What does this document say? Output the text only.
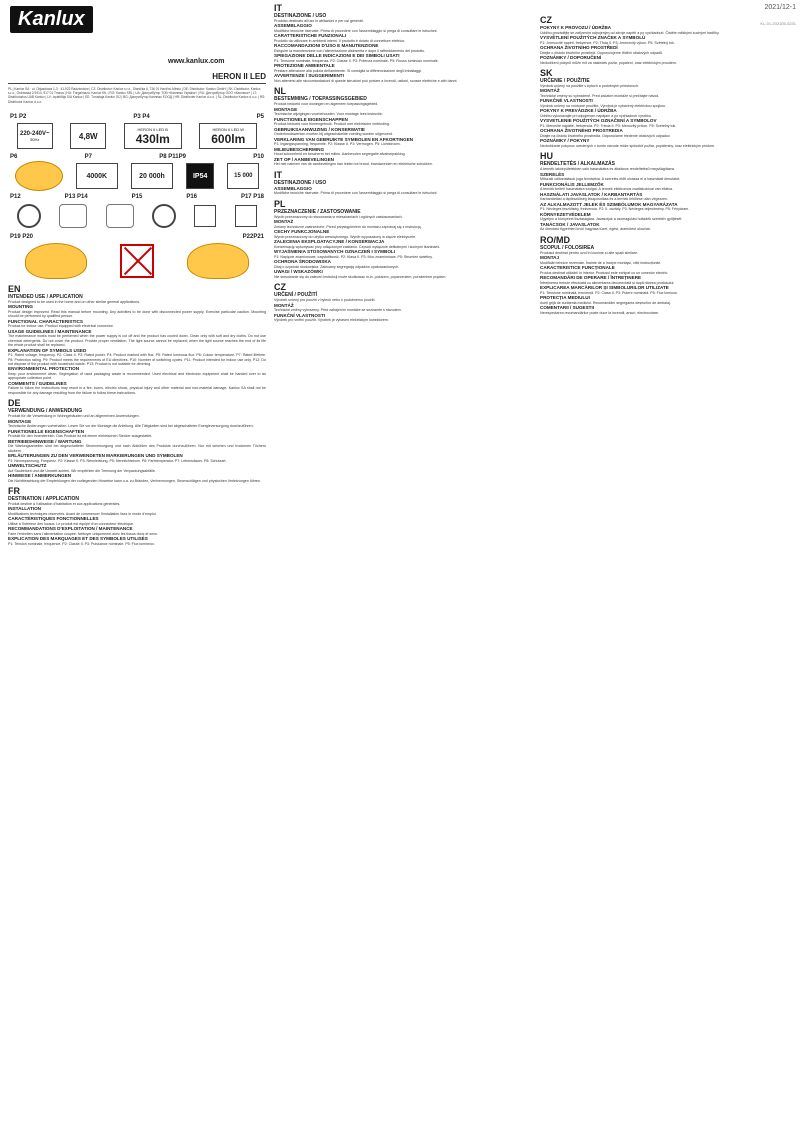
Kanlux
www.kanlux.com
HERON II LED
PL | Kanlux SA · ul. Objazdowa 1-3 · 41-922 Radzionków | CZ: Distributor: Kanlux s.r.o., Stanička 6, 736 01 Havířov-Město | DE: Distributor: Kanlux GmbH | SK: Distributor: Kanlux s.r.o., Ostravská 2/1914, 917 01 Trnava | HU: Forgalmazó: Kanlux Kft. | RO: Kanlux SRL | UA: Дистрибутор ТОВ «Канлюкс Україна» | RU: Дистрибутор ООО «Канлюкс» | LT: Distributorius UAB Kanlux | LV: Izplatītājs SIA Kanlux | EE: Turustaja Kanlux OÜ | BG: Дистрибутор Канлюкс ЕООД | HR: Distributer Kanlux d.o.o. | SL: Distributor Kanlux d.o.o. | RS: Distributor Kanlux d.o.o.
P1 P2	P3 P4	P5
220-240V~
50Hz	4,8W
HERON II LED B
430lm
HERON II LED W
600lm
P6	P7	P8 P11P9	P10
4000K	20 000h	IP54	15 000
P12	P13 P14	P15	P16	P17 P18
P19 P20	P22P21
EN
INTENDED USE / APPLICATION
Product designed to be used in the home and on other similar general applications.
MOUNTING
Product design improved. Read this manual before mounting. Any activities to be done with disconnected power supply. Exercise particular caution. Mounting should be performed by qualified person.
FUNCTIONAL CHARACTERISTICS
Product for indoor use. Product equipped with electrical connector.
USAGE GUIDELINES / MAINTENANCE
The maintenance works must be performed when the power supply is cut off and the product has cooled down. Clean only with soft and dry cloths. Do not use chemical detergents. Do not cover the product. Provide proper ventilation. The light source cannot be replaced; when the light source reaches the end of its life the whole product shall be replaced.
EXPLANATION OF SYMBOLS USED
P1: Rated voltage, frequency. P2: Class II. P3: Rated power. P4: Product marked with flux. P5: Rated luminous flux. P6: Colour temperature. P7: Rated lifetime. P8: Protection rating. P9: Product meets the requirements of EU directives. P10: Number of switching cycles. P11: Product intended for indoor use only. P12: Do not dispose of the product with household waste. P13: Product is not suitable for dimming.
ENVIRONMENTAL PROTECTION
Keep your environment clean. Segregation of used packaging waste is recommended. Used electrical and electronic equipment shall be handed over to an appropriate collection point.
COMMENTS / GUIDELINES
Failure to follow the instructions may result in a fire, burns, electric shock, physical injury and other material and non-material damage. Kanlux SA shall not be responsible for any damage resulting from the failure to follow these instructions.
DE
VERWENDUNG / ANWENDUNG
Produkt für die Verwendung in Wohngebäuden und an allgemeinen Anwendungen.
MONTAGE
Technische Änderungen vorbehalten. Lesen Sie vor der Montage die Anleitung. Alle Tätigkeiten sind bei abgeschalteter Energieversorgung durchzuführen.
FUNKTIONELLE EIGENSCHAFTEN
Produkt für den Innenbereich. Das Produkt ist mit einem elektrischen Stecker ausgestattet.
BETRIEBSHINWEISE / WARTUNG
Die Wartungsarbeiten sind bei abgeschalteter Stromversorgung und nach Abkühlen des Produkts durchzuführen. Nur mit weichen und trockenen Tüchern säubern.
ERLÄUTERUNGEN ZU DEN VERWENDETEN MARKIERUNGEN UND SYMBOLEN
P1: Nennspannung, Frequenz. P2: Klasse II. P3: Nennleistung. P5: Nennlichtstrom. P6: Farbtemperatur. P7: Lebensdauer. P8: Schutzart.
UMWELTSCHUTZ
Auf Sauberkeit und die Umwelt achten. Wir empfehlen die Trennung der Verpackungsabfälle.
HINWEISE / ANMERKUNGEN
Die Nichtbeachtung der Empfehlungen der vorliegenden Hinweise kann u.a. zu Bränden, Verbrennungen, Stromschlägen und physischen Verletzungen führen.
FR
DESTINATION / APPLICATION
Produit destiné à l'utilisation d'habitation et aux applications générales.
INSTALLATION
Modifications techniques réservées. Avant de commencer l'installation lisez le mode d'emploi.
CARACTÉRISTIQUES FONCTIONNELLES
Utilisé à l'intérieur des locaux. Le produit est équipé d'un connecteur électrique.
RECOMMANDATIONS D'EXPLOITATION / MAINTENANCE
Faire l'entretien sans l'alimentation coupée. Nettoyer uniquement avec les tissus doux et secs.
EXPLICATION DES MARQUAGES ET DES SYMBOLES UTILISÉS
P1: Tension nominale, fréquence. P2: Classe II. P3: Puissance nominale. P5: Flux lumineux.
IT
DESTINAZIONE / USO
Prodotto destinato all'uso in abitazioni e per usi generali.
ASSEMBLAGGIO
Modifiche tecniche riservate. Prima di procedere con l'assemblaggio si prega di consultare le istruzioni.
CARATTERISTICHE FUNZIONALI
Prodotto da utilizzare in ambienti interni. Il prodotto è dotato di connettore elettrico.
RACCOMANDAZIONI D'USO E MANUTENZIONE
Eseguire la manutenzione con l'alimentazione disinserita e dopo il raffreddamento del prodotto.
SPIEGAZIONE DELLE INDICAZIONI E DEI SIMBOLI USATI
P1: Tensione nominale, frequenza. P2: Classe II. P3: Potenza nominale. P5: Flusso luminoso nominale.
PROTEZIONE AMBIENTALE
Prestare attenzione alla pulizia dell'ambiente. Si consiglia la differenziazione degli imballaggi.
AVVERTENZE / SUGGERIMENTI
Non attenersi alle raccomandazioni di queste istruzioni può portare a incendi, ustioni, scosse elettriche e altri danni.
NL
BESTEMMING / TOEPASSINGSGEBIED
Product bedoeld voor woningen en algemeen toepassingsgebied.
MONTAGE
Technische wijzigingen voorbehouden. Voor montage lees instructie.
FUNCTIONELE EIGENSCHAPPEN
Product bedoeld voor binnengebruik. Product met elektrische verbinding.
GEBRUIKSAANWIJZING / KONSERWATIE
Onderhoudswerken moeten bij uitgeschakelde voeding worden uitgevoerd.
VERKLARING VAN GEBRUIKTE SYMBOLEN EN AFKORTINGEN
P1: Ingangsspanning, frequentie. P2: Klasse II. P3: Vermogen. P5: Lichtstroom.
MILIEUBESCHERMING
Houd schoonheid en bescherm het milieu. Aanbevolen segregatie afvalverpakking.
ZET OP / AANBEVELINGEN
Het niet naleven van de aanbevelingen kan leiden tot brand, brandwonden en elektrische schokken.
IT
DESTINAZIONE / USO
ASSEMBLAGGIO
Modifiche tecniche riservate. Prima di procedere con l'assemblaggio si prega di consultare le istruzioni.
PL
PRZEZNACZENIE / ZASTOSOWANIE
Wyrób przeznaczony do stosowania w mieszkaniach i ogólnych zastosowaniach.
MONTAŻ
Zmiany techniczne zastrzeżone. Przed przystąpieniem do montażu zapoznaj się z instrukcją.
CECHY FUNKCJONALNE
Wyrób przeznaczony do użytku wewnętrznego. Wyrób wyposażony w złącze elektryczne.
ZALECENIA EKSPLOATACYJNE / KONSERWACJA
Konserwację wykonywać przy odłączonym zasilaniu. Czyścić wyłącznie delikatnymi i suchymi tkaninami.
WYJAŚNIENIA STOSOWANYCH OZNACZEŃ I SYMBOLI
P1: Napięcie znamionowe, częstotliwość. P2: Klasa II. P3: Moc znamionowa. P5: Strumień świetlny.
OCHRONA ŚRODOWISKA
Dbaj o czystość środowiska. Zalecamy segregację odpadów opakowaniowych.
UWAGI / WSKAZÓWKI
Nie stosowanie się do zaleceń instrukcji może skutkować m.in. pożarem, poparzeniem, porażeniem prądem.
CZ
URČENÍ / POUŽITÍ
Výrobek určený pro použití v bytech nebo k podobnému použití.
MONTÁŽ
Technické změny vyhrazeny. Před zahájením montáže se seznamte s návodem.
FUNKČNÍ VLASTNOSTI
Výrobek pro vnitřní použití. Výrobek je vybaven elektrickým konektorem.
2021/12-1
KL-01-202105-0231
CZ
POKYNY K PROVOZU / ÚDRŽBA
Údržbu provádějte se zařízením odpojeným od zdroje napětí a po vychladnutí. Čistěte měkkými suchými hadříky.
VYSVĚTLENÍ POUŽITÝCH ZNAČEK A SYMBOLŮ
P1: Jmenovité napětí, frekvence. P2: Třída II. P3: Jmenovitý výkon. P5: Světelný tok.
OCHRANA ŽIVOTNÍHO PROSTŘEDÍ
Dbejte o čistotu životního prostředí. Doporučujeme třídění obalových odpadů.
POZNÁMKY / DOPORUČENÍ
Nedodržení pokynů může mít za následek požár, popálení, úraz elektrickým proudem.
SK
URČENIE / POUŽITIE
Výrobok určený na použitie v bytoch a podobných priestoroch.
MONTÁŽ
Technické zmeny sú vyhradené. Pred začatím montáže si prečítajte návod.
FUNKČNÉ VLASTNOSTI
Výrobok určený na vnútorné použitie. Výrobok je vybavený elektrickou spojkou.
POKYNY K PREVÁDZKE / ÚDRŽBA
Údržbu vykonávajte pri odpojenom napájaní a po vychladnutí výrobku.
VYSVETLENIE POUŽITÝCH OZNAČENÍ A SYMBOLOV
P1: Menovité napätie, frekvencia. P2: Trieda II. P3: Menovitý príkon. P5: Svetelný tok.
OCHRANA ŽIVOTNÉHO PROSTREDIA
Dbajte na čistotu životného prostredia. Odporúčame triedenie obalových odpadov.
POZNÁMKY / POKYNY
Nedodržanie pokynov uvedených v tomto návode môže spôsobiť požiar, popáleniny, úraz elektrickým prúdom.
HU
RENDELTETÉS / ALKALMAZÁS
A termék lakóépületekben való használatra és általános rendeltetésű megvilágításra.
SZERELÉS
Műszaki változtatások joga fenntartva. A szerelés előtt olvassa el a használati útmutatót.
FUNKCIONÁLIS JELLEMZŐK
A termék beltéri használatra szolgál. A termék elektromos csatlakozóval van ellátva.
HASZNÁLATI JAVASLATOK / KARBANTARTÁS
Karbantartást a tápfeszültség lekapcsolása és a termék lehűlése után végezzen.
AZ ALKALMAZOTT JELEK ÉS SZIMBÓLUMOK MAGYARÁZATA
P1: Névleges feszültség, frekvencia. P2: II. osztály. P3: Névleges teljesítmény. P5: Fényáram.
KÖRNYEZETVÉDELEM
Ügyeljen a környezet tisztaságára. Javasoljuk a csomagolási hulladék szelektív gyűjtését.
TANÁCSOK / JAVASLATOK
Az útmutató figyelmen kívül hagyása tüzet, égést, áramütést okozhat.
RO/MD
SCOPUL / FOLOSIREA
Produsul destinat pentru uzul în locuințe și alte spații similare.
MONTAJ
Modificări tehnice rezervate. Înainte de a începe montajul, citiți instrucțiunile.
CARACTERISTICE FUNCȚIONALE
Produs destinat utilizării în interior. Produsul este echipat cu un conector electric.
RECOMANDĂRI DE OPERARE / ÎNTREȚINERE
Întreținerea trebuie efectuată cu alimentarea deconectată și după răcirea produsului.
EXPLICAREA MARCĂRILOR ȘI SIMBOLURILOR UTILIZATE
P1: Tensiune nominală, frecvență. P2: Clasa II. P3: Putere nominală. P5: Flux luminos.
PROTECȚIA MEDIULUI
Aveți grijă de curățenia mediului. Recomandăm segregarea deșeurilor de ambalaj.
COMENTARII / SUGESTII
Nerespectarea recomandărilor poate duce la incendii, arsuri, electrocutare.
